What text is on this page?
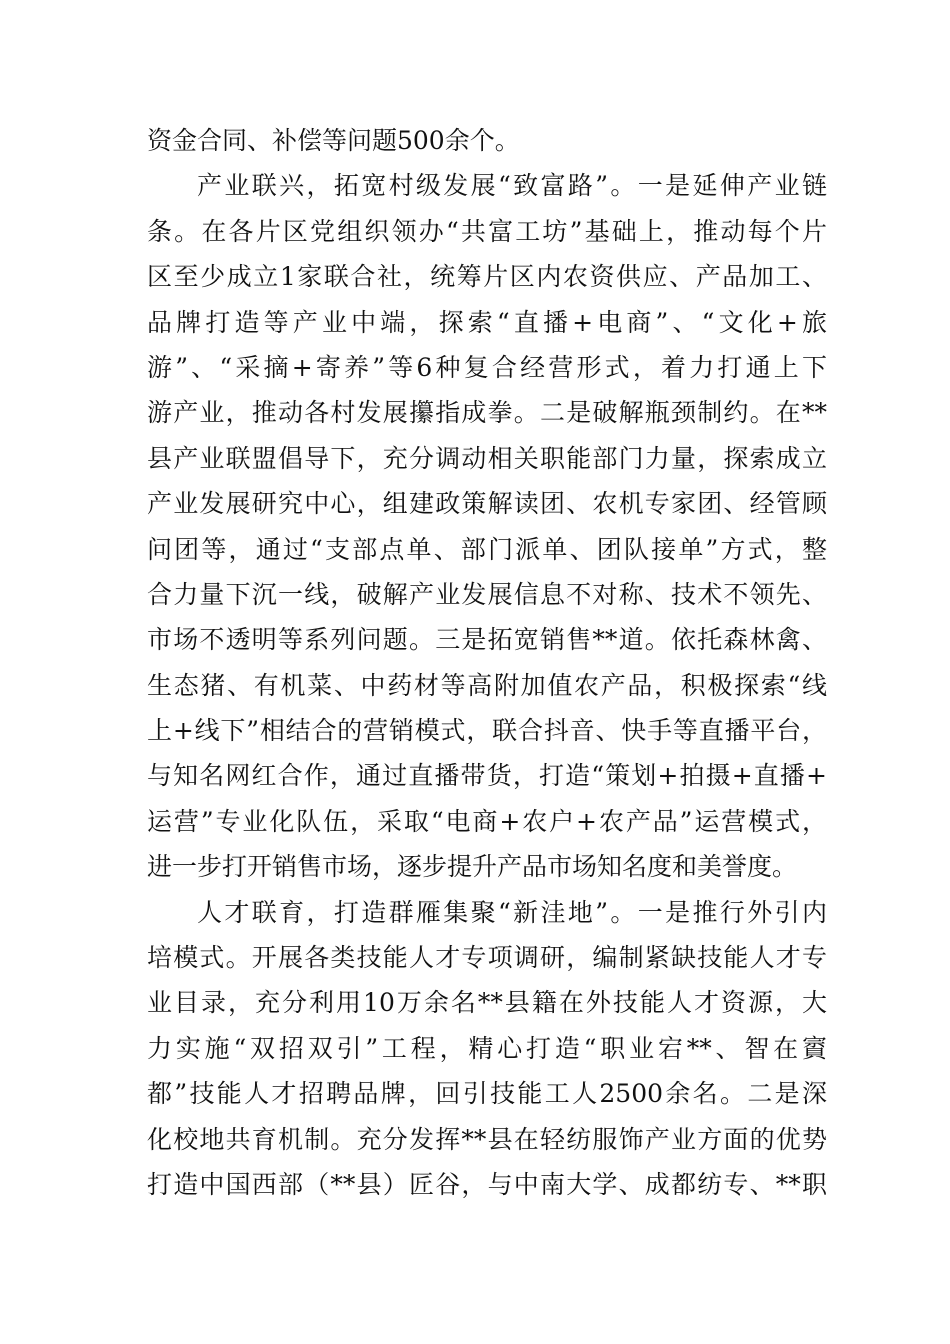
资金合同、补偿等问题500余个。
产业联兴，拓宽村级发展“致富路”。一是延伸产业链
条。在各片区党组织领办“共富工坊”基础上，推动每个片
区至少成立1家联合社，统筹片区内农资供应、产品加工、
品牌打造等产业中端，探索“直播+电商”、“文化+旅
游”、“采摘+寄养”等6种复合经营形式，着力打通上下
游产业，推动各村发展攥指成拳。二是破解瓶颈制约。在**
县产业联盟倡导下，充分调动相关职能部门力量，探索成立
产业发展研究中心，组建政策解读团、农机专家团、经管顾
问团等，通过“支部点单、部门派单、团队接单”方式，整
合力量下沉一线，破解产业发展信息不对称、技术不领先、
市场不透明等系列问题。三是拓宽销售**道。依托森林禽、
生态猪、有机菜、中药材等高附加值农产品，积极探索“线
上+线下”相结合的营销模式，联合抖音、快手等直播平台，
与知名网红合作，通过直播带货，打造“策划+拍摄+直播+
运营”专业化队伍，采取“电商+农户+农产品”运营模式，
进一步打开销售市场，逐步提升产品市场知名度和美誉度。
人才联育，打造群雁集聚“新洼地”。一是推行外引内
培模式。开展各类技能人才专项调研，编制紧缺技能人才专
业目录，充分利用10万余名**县籍在外技能人才资源，大
力实施“双招双引”工程，精心打造“职业宕**、智在賨
都”技能人才招聘品牌，回引技能工人2500余名。二是深
化校地共育机制。充分发挥**县在轻纺服饰产业方面的优势
打造中国西部（**县）匠谷，与中南大学、成都纺专、**职
